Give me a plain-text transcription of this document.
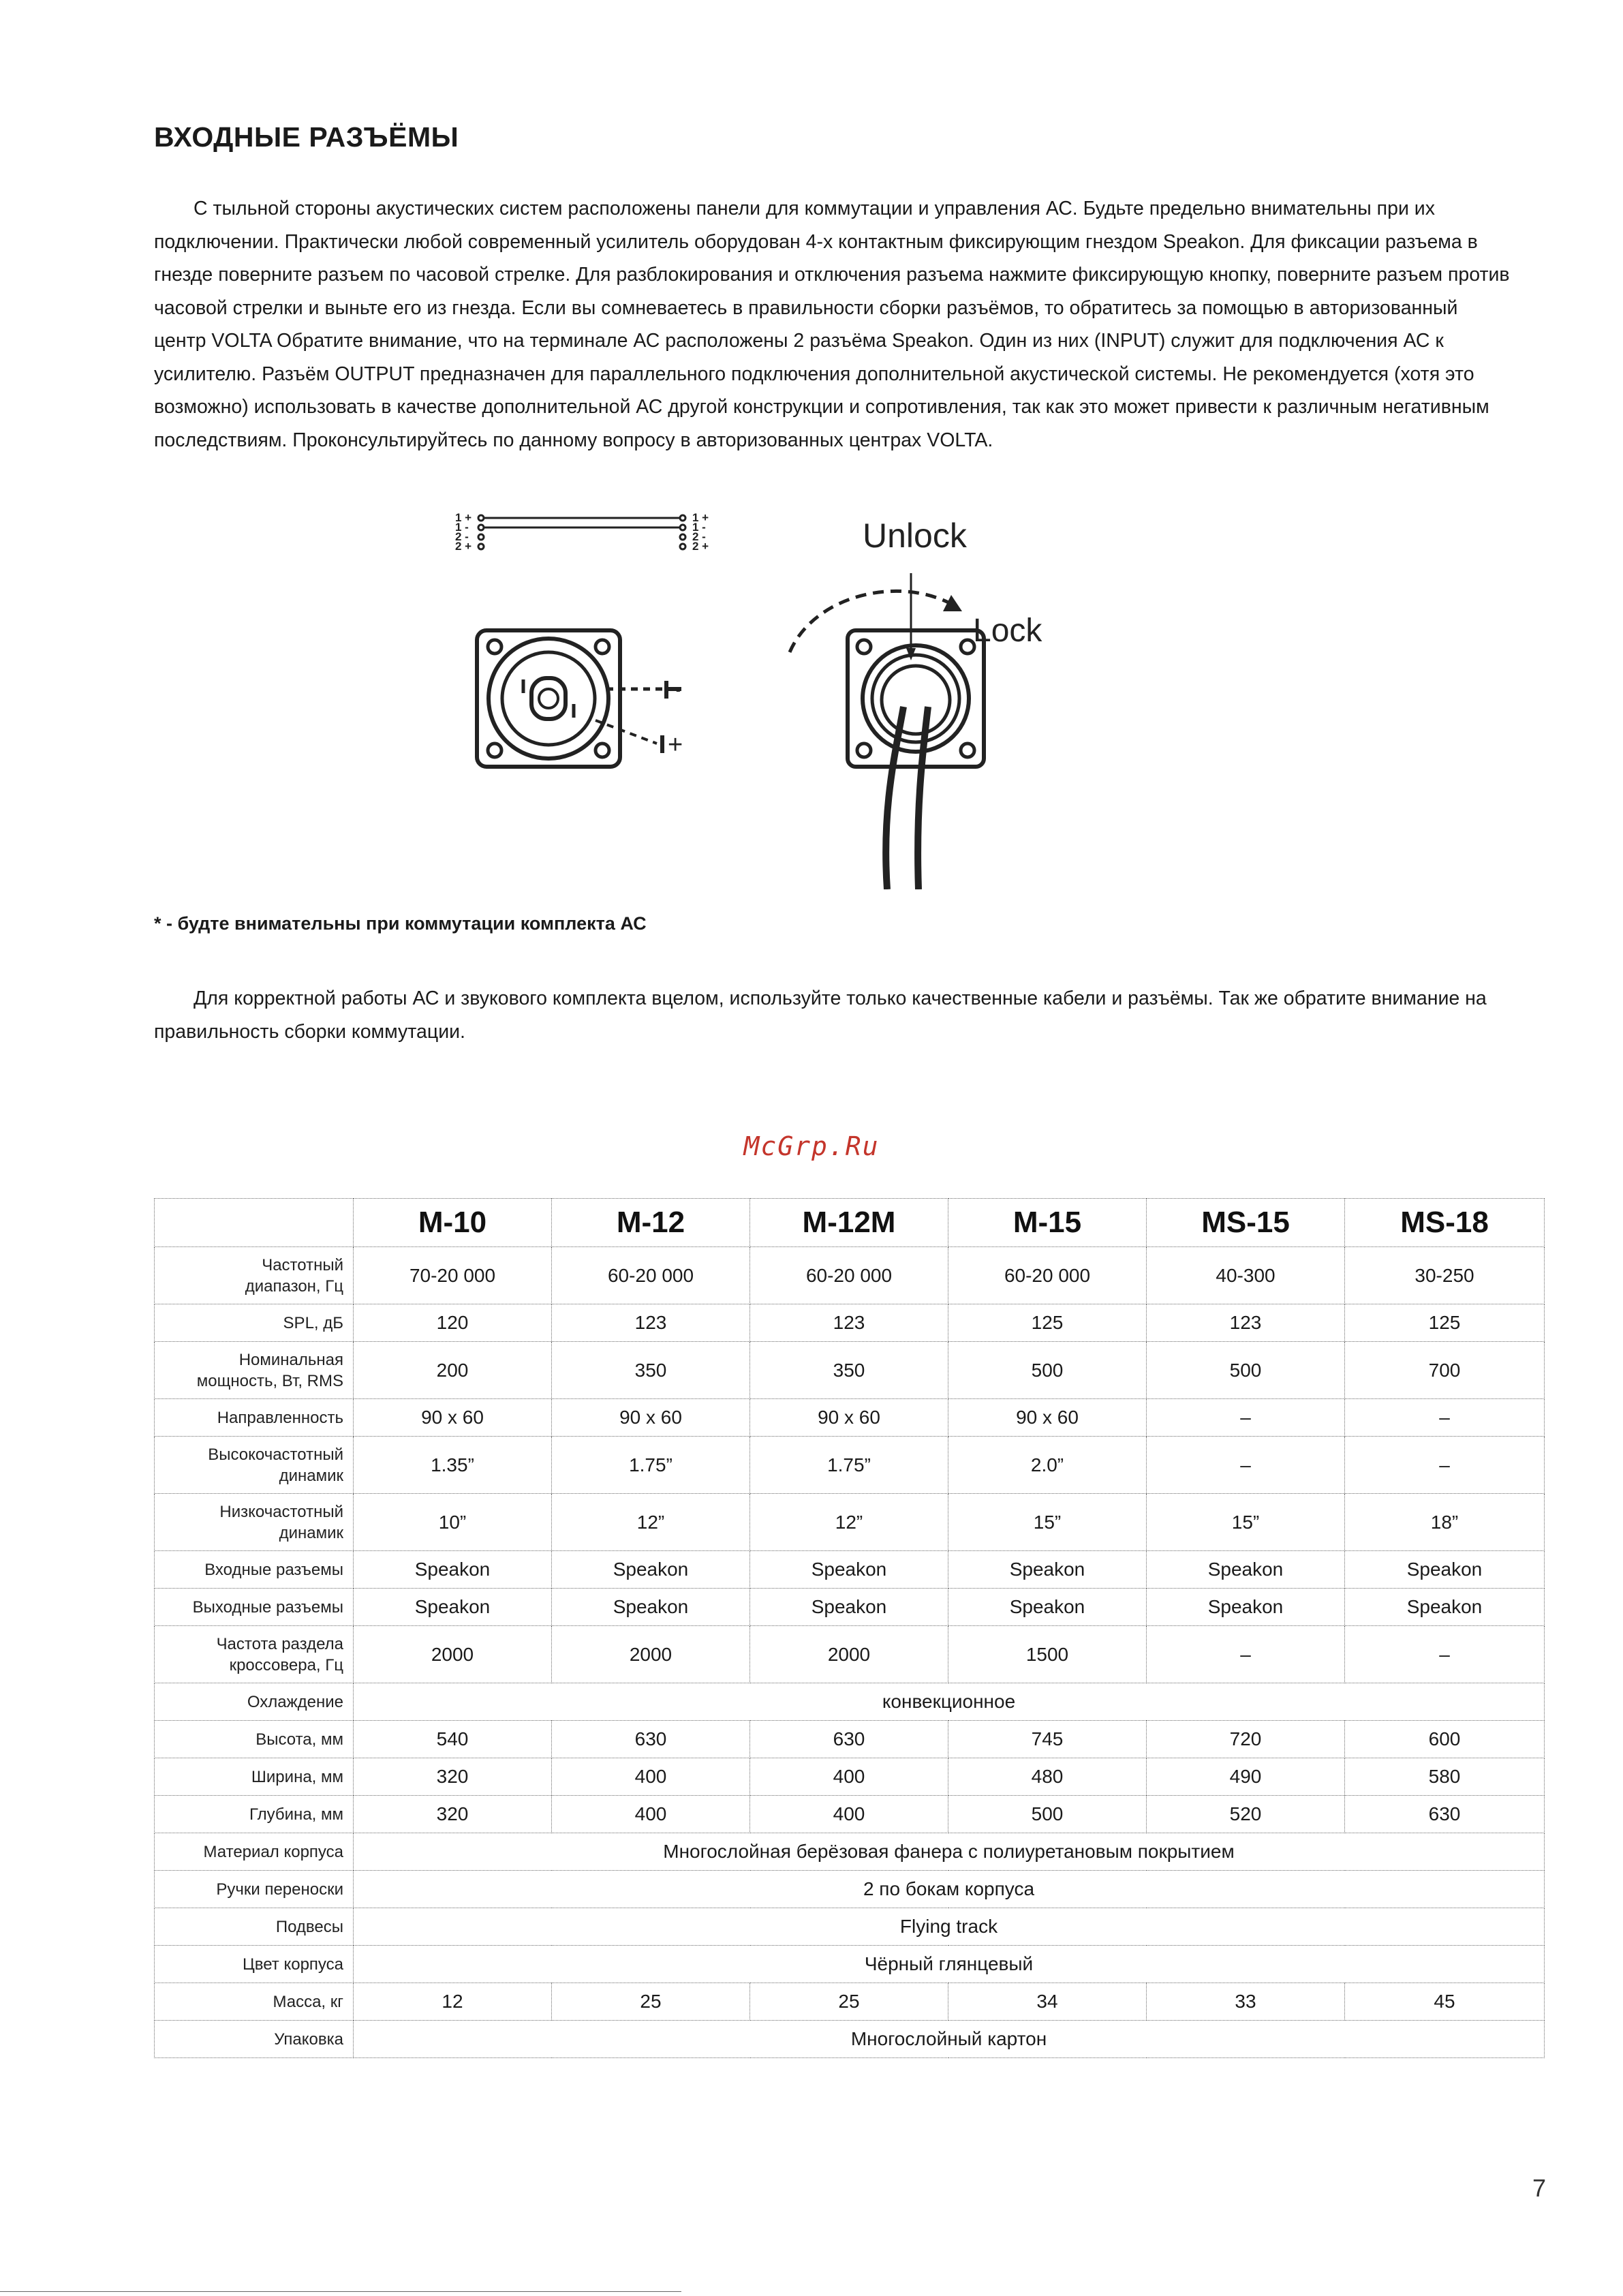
ВХОДНЫЕ РАЗЪЁМЫ

С тыльной стороны акустических систем расположены панели для коммутации и управления АС. Будьте предельно внимательны при их подключении. Практически любой современный усилитель оборудован 4-х контактным фиксирующим гнездом Speakon. Для фиксации разъема в гнезде поверните разъем по часовой стрелке. Для разблокирования и отключения разъема нажмите фиксирующую кнопку, поверните разъем против часовой стрелки и выньте его из гнезда. Если вы сомневаетесь в правильности сборки разъёмов, то обратитесь за помощью в авторизованный центр VOLTA Обратите внимание, что на терминале АС расположены 2 разъёма Speakon. Один из них (INPUT) служит для подключения АС к усилителю. Разъём OUTPUT предназначен для параллельного подключения дополнительной акустической системы. Не рекомендуется (хотя это возможно) использовать в качестве дополнительной АС другой конструкции и сопротивления, так как это может привести к различным негативным последствиям. Проконсультируйтесь по данному вопросу в авторизованных центрах VOLTA.

1 +
1 -
2 -
2 +
1 +
1 -
2 -
2 +
-
+
Unlock
Lock
* - будте внимательны при коммутации комплекта АС

Для корректной работы АС и звукового комплекта вцелом, используйте только качественные кабели и разъёмы. Так же обратите внимание на правильность сборки коммутации.

McGrp.Ru
	M-10	M-12	M-12M	M-15	MS-15	MS-18

Частотный
диапазон, Гц	70-20 000	60-20 000	60-20 000	60-20 000	40-300	30-250

SPL, дБ	120	123	123	125	123	125

Номинальная
мощность, Вт, RMS	200	350	350	500	500	700

Направленность	90 x 60	90 x 60	90 x 60	90 x 60	–	–

Высокочастотный
динамик	1.35”	1.75”	1.75”	2.0”	–	–

Низкочастотный
динамик	10”	12”	12”	15”	15”	18”

Входные разъемы	Speakon	Speakon	Speakon	Speakon	Speakon	Speakon

Выходные разъемы	Speakon	Speakon	Speakon	Speakon	Speakon	Speakon

Частота раздела
кроссовера, Гц	2000	2000	2000	1500	–	–

Охлаждение	конвекционное					

Высота, мм	540	630	630	745	720	600

Ширина, мм	320	400	400	480	490	580

Глубина, мм	320	400	400	500	520	630

Материал корпуса	Многослойная берёзовая фанера с полиуретановым покрытием					

Ручки переноски	2 по бокам корпуса					

Подвесы	Flying track					

Цвет корпуса	Чёрный глянцевый					

Масса, кг	12	25	25	34	33	45

Упаковка	Многослойный картон					
7
